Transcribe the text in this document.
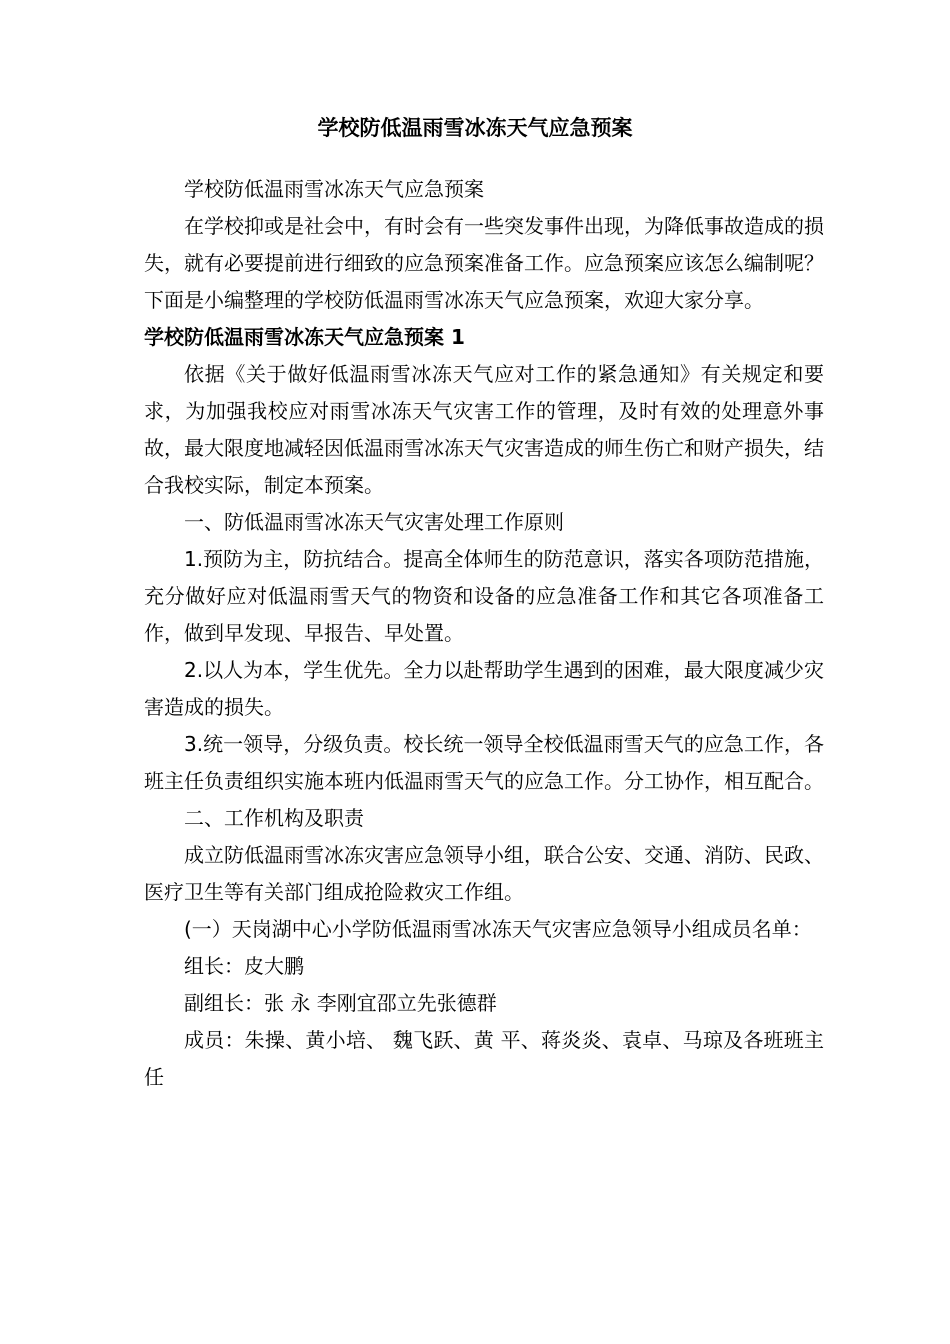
学校防低温雨雪冰冻天气应急预案

学校防低温雨雪冰冻天气应急预案

在学校抑或是社会中，有时会有一些突发事件出现，为降低事故造成的损失，就有必要提前进行细致的应急预案准备工作。应急预案应该怎么编制呢？下面是小编整理的学校防低温雨雪冰冻天气应急预案，欢迎大家分享。

学校防低温雨雪冰冻天气应急预案 1

依据《关于做好低温雨雪冰冻天气应对工作的紧急通知》有关规定和要求，为加强我校应对雨雪冰冻天气灾害工作的管理，及时有效的处理意外事故，最大限度地减轻因低温雨雪冰冻天气灾害造成的师生伤亡和财产损失，结合我校实际，制定本预案。

一、防低温雨雪冰冻天气灾害处理工作原则

1.预防为主，防抗结合。提高全体师生的防范意识，落实各项防范措施，充分做好应对低温雨雪天气的物资和设备的应急准备工作和其它各项准备工作，做到早发现、早报告、早处置。

2.以人为本，学生优先。全力以赴帮助学生遇到的困难，最大限度减少灾害造成的损失。

3.统一领导，分级负责。校长统一领导全校低温雨雪天气的应急工作，各班主任负责组织实施本班内低温雨雪天气的应急工作。分工协作，相互配合。

二、工作机构及职责

成立防低温雨雪冰冻灾害应急领导小组，联合公安、交通、消防、民政、医疗卫生等有关部门组成抢险救灾工作组。

(一）天岗湖中心小学防低温雨雪冰冻天气灾害应急领导小组成员名单：

组长：皮大鹏

副组长：张 永 李刚宜邵立先张德群

成员：朱操、黄小培、 魏飞跃、黄 平、蒋炎炎、袁卓、马琼及各班班主任
